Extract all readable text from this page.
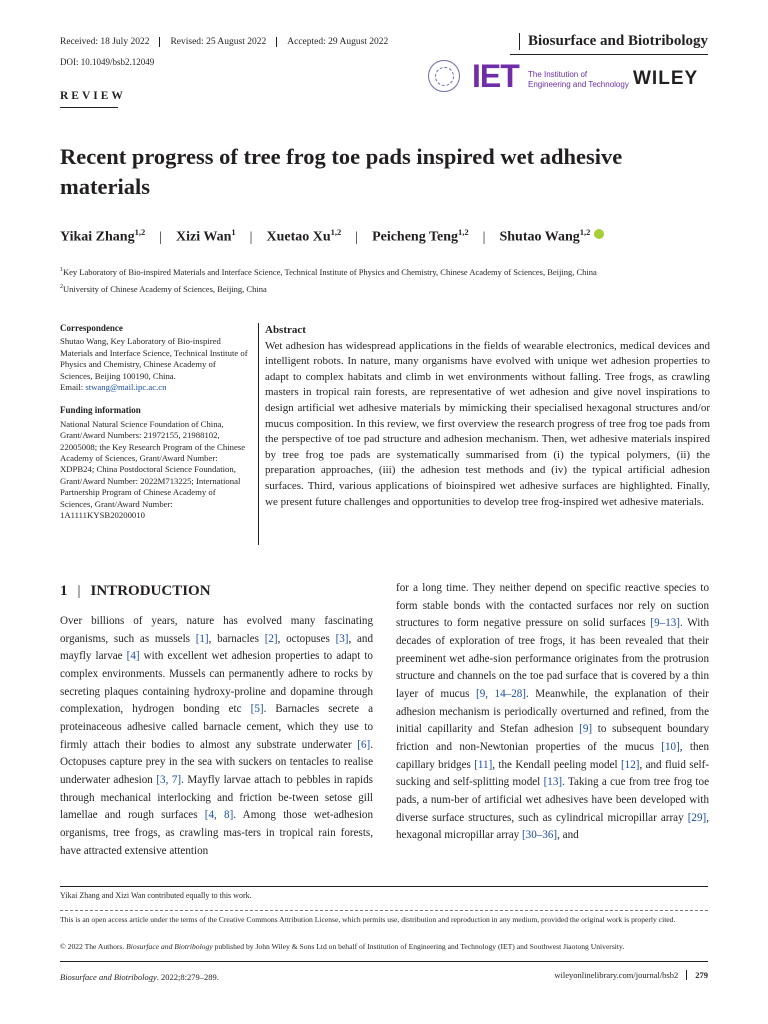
Received: 18 July 2022	Revised: 25 August 2022	Accepted: 29 August 2022	Biosurface and Biotribology
DOI: 10.1049/bsb2.12049
REVIEW
IET The Institution of
Engineering and Technology WILEY
Recent progress of tree frog toe pads inspired wet adhesive materials
Yikai Zhang$^{1,2}$ | Xizi Wan$^1$ | Xuetao Xu$^{1,2}$ | Peicheng Teng$^{1,2}$ | Shutao Wang$^{1,2}$
$^1$Key Laboratory of Bio-inspired Materials and Interface Science, Technical Institute of Physics and Chemistry, Chinese Academy of Sciences, Beijing, China
$^2$University of Chinese Academy of Sciences, Beijing, China
Correspondence

Shutao Wang, Key Laboratory of Bio-inspired Materials and Interface Science, Technical Institute of Physics and Chemistry, Chinese Academy of Sciences, Beijing 100190, China.
Email: stwang@mail.ipc.ac.cn

Funding information

National Natural Science Foundation of China, Grant/Award Numbers: 21972155, 21988102, 22005008; the Key Research Program of the Chinese Academy of Sciences, Grant/Award Number: XDPB24; China Postdoctoral Science Foundation, Grant/Award Number: 2022M713225; International Partnership Program of Chinese Academy of Sciences, Grant/Award Number: 1A1111KYSB20200010

Abstract

Wet adhesion has widespread applications in the fields of wearable electronics, medical devices and intelligent robots. In nature, many organisms have evolved with unique wet adhesion properties to adapt to complex habitats and climb in wet environments without falling. Tree frogs, as crawling masters in tropical rain forests, are representative of wet adhesion and give novel inspirations to design artificial wet adhesive materials by mimicking their specialised hexagonal structures and/or mucus composition. In this review, we first overview the research progress of tree frog toe pads from the perspective of toe pad structure and adhesion mechanism. Then, wet adhesive materials inspired by tree frog toe pads are systematically summarised from (i) the typical polymers, (ii) the preparation approaches, (iii) the adhesion test methods and (iv) the typical artificial adhesion surfaces. Third, various applications of bioinspired wet adhesive surfaces are highlighted. Finally, we present future challenges and opportunities to develop tree frog-inspired wet adhesive materials.

1 | INTRODUCTION

Over billions of years, nature has evolved many fascinating organisms, such as mussels [1], barnacles [2], octopuses [3], and mayfly larvae [4] with excellent wet adhesion properties to adapt to complex environments. Mussels can permanently adhere to rocks by secreting plaques containing hydroxy-proline and dopamine through complexation, hydrogen bonding etc [5]. Barnacles secrete a proteinaceous adhesive called barnacle cement, which they use to firmly attach their bodies to almost any substrate underwater [6]. Octopuses capture prey in the sea with suckers on tentacles to realise underwater adhesion [3, 7]. Mayfly larvae attach to pebbles in rapids through mechanical interlocking and friction be-tween setose gill lamellae and rough surfaces [4, 8]. Among those wet-adhesion organisms, tree frogs, as crawling mas-ters in tropical rain forests, have attracted extensive attention

for a long time. They neither depend on specific reactive species to form stable bonds with the contacted surfaces nor rely on suction structures to form negative pressure on solid surfaces [9–13]. With decades of exploration of tree frogs, it has been revealed that their preeminent wet adhe-sion performance originates from the protrusion structure and channels on the toe pad surface that is covered by a thin layer of mucus [9, 14–28]. Meanwhile, the explanation of their adhesion mechanism is periodically overturned and refined, from the initial capillarity and Stefan adhesion [9] to subsequent boundary friction and non-Newtonian properties of the mucus [10], then capillary bridges [11], the Kendall peeling model [12], and fluid self-sucking and self-splitting model [13]. Taking a cue from tree frog toe pads, a num-ber of artificial wet adhesives have been developed with diverse surface structures, such as cylindrical micropillar array [29], hexagonal micropillar array [30–36], and

Yikai Zhang and Xizi Wan contributed equally to this work.
This is an open access article under the terms of the Creative Commons Attribution License, which permits use, distribution and reproduction in any medium, provided the original work is properly cited.
© 2022 The Authors. Biosurface and Biotribology published by John Wiley & Sons Ltd on behalf of Institution of Engineering and Technology (IET) and Southwest Jiaotong University.
Biosurface and Biotribology. 2022;8:279–289.	wileyonlinelibrary.com/journal/bsb2	279
